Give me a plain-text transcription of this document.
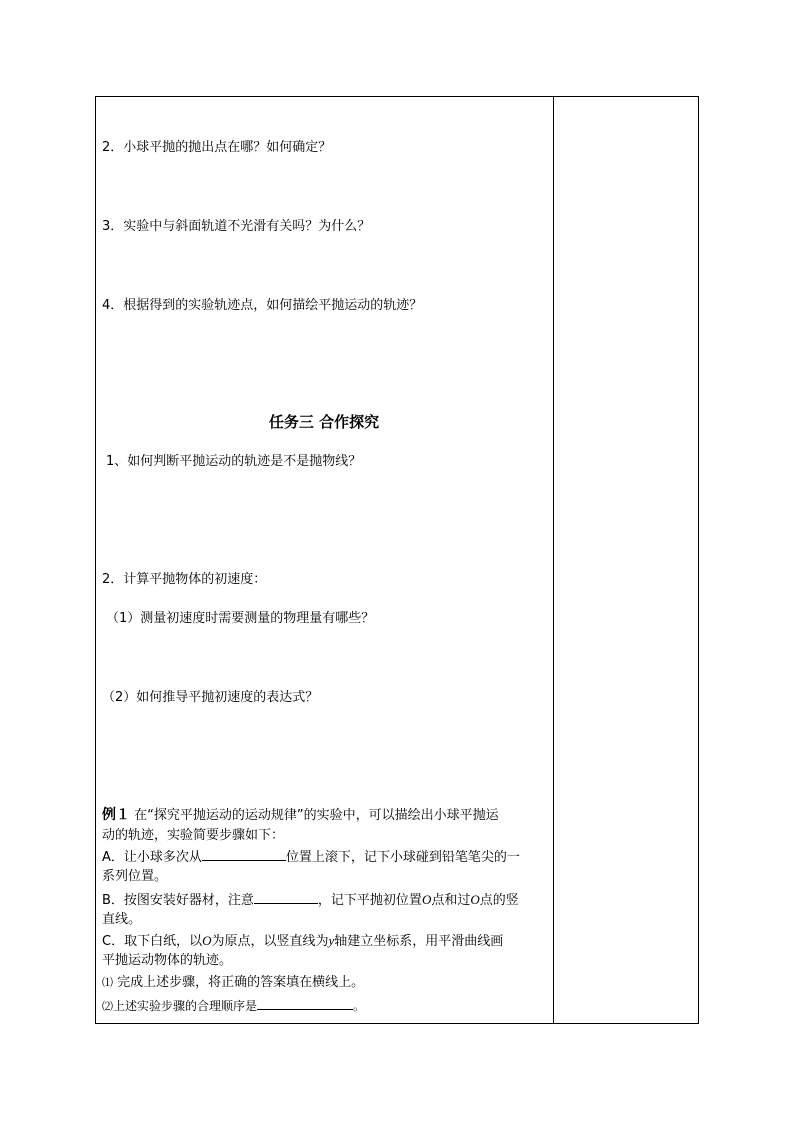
2．小球平抛的抛出点在哪？如何确定？
3．实验中与斜面轨道不光滑有关吗？为什么？
4．根据得到的实验轨迹点，如何描绘平抛运动的轨迹？
任务三 合作探究
1、如何判断平抛运动的轨迹是不是抛物线？
2．计算平抛物体的初速度：
（1）测量初速度时需要测量的物理量有哪些？
（2）如何推导平抛初速度的表达式？
例１ 在“探究平抛运动的运动规律”的实验中，可以描绘出小球平抛运
动的轨迹，实验简要步骤如下：
A．让小球多次从	位置上滚下，记下小球碰到铅笔笔尖的一
系列位置。
B．按图安装好器材，注意	，记下平抛初位置O点和过O点的竖
直线。
C．取下白纸，以O为原点，以竖直线为y轴建立坐标系，用平滑曲线画
平抛运动物体的轨迹。
⑴ 完成上述步骤，将正确的答案填在横线上。
⑵上述实验步骤的合理顺序是	。
